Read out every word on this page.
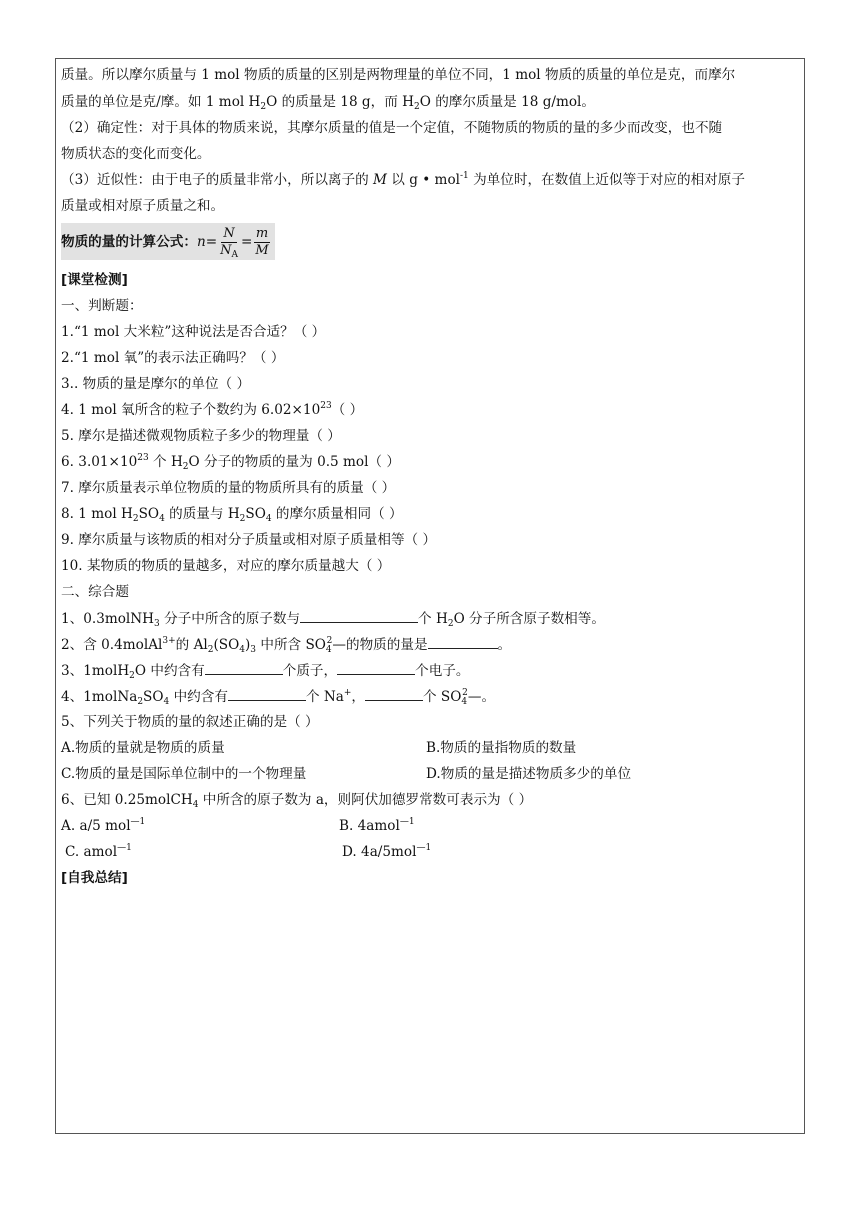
质量。所以摩尔质量与 1 mol 物质的质量的区别是两物理量的单位不同，1 mol 物质的质量的单位是克，而摩尔
质量的单位是克/摩。如 1 mol $H_2O$ 的质量是 18 g，而 $H_2O$ 的摩尔质量是 18 g/mol。
（2）确定性：对于具体的物质来说，其摩尔质量的值是一个定值，不随物质的物质的量的多少而改变，也不随
物质状态的变化而变化。
（3）近似性：由于电子的质量非常小，所以离子的 M 以 g • mol$^{-1}$ 为单位时，在数值上近似等于对应的相对原子
质量或相对原子质量之和。
物质的量的计算公式： $n = \frac{N}{N_A} = \frac{m}{M}$
[课堂检测]
一、判断题：
1.“1 mol 大米粒”这种说法是否合适？（ ）
2.“1 mol 氧”的表示法正确吗？（ ）
3.. 物质的量是摩尔的单位（ ）
4. 1 mol 氧所含的粒子个数约为 $6.02\times 10^{23}$（ ）
5. 摩尔是描述微观物质粒子多少的物理量（ ）
6. $3.01\times 10^{23}$ 个 $H_2O$ 分子的物质的量为 0.5 mol（ ）
7. 摩尔质量表示单位物质的量的物质所具有的质量（ ）
8. 1 mol $H_2SO_4$ 的质量与 $H_2SO_4$ 的摩尔质量相同（ ）
9. 摩尔质量与该物质的相对分子质量或相对原子质量相等（ ）
10. 某物质的物质的量越多，对应的摩尔质量越大（ ）
二、综合题
1、0.3molNH$_3$ 分子中所含的原子数与	个 $H_2O$ 分子所含原子数相等。
2、含 0.4molAl$^{3+}$的 $Al_2(SO_4)_3$ 中所含 $SO_4^2—$的物质的量是	。
3、1molH$_2$O 中约含有	个质子，	个电子。
4、$1molNa_2SO_4$ 中约含有	个 Na+，	个 $SO_4^2—$。
5、下列关于物质的量的叙述正确的是（ ）
A.物质的量就是物质的质量	B.物质的量指物质的数量
C.物质的量是国际单位制中的一个物理量	D.物质的量是描述物质多少的单位
6、已知 0.25molCH$_4$ 中所含的原子数为 a，则阿伏加德罗常数可表示为（ ）
A. a/5 mol$^{—1}$	B. 4amol$^{—1}$
C. amol$^{—1}$	D. 4a/5mol$^{—1}$
[自我总结]
